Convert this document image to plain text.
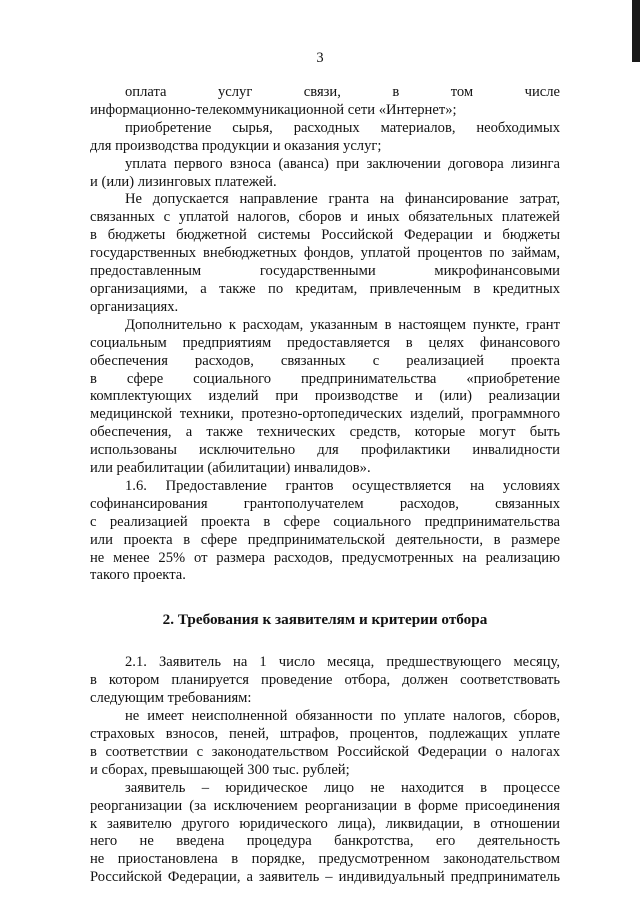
3

оплата услуг связи, в том числе
информационно-телекоммуникационной сети «Интернет»;

приобретение сырья, расходных материалов, необходимых
для производства продукции и оказания услуг;

уплата первого взноса (аванса) при заключении договора лизинга
и (или) лизинговых платежей.

Не допускается направление гранта на финансирование затрат,
связанных с уплатой налогов, сборов и иных обязательных платежей
в бюджеты бюджетной системы Российской Федерации и бюджеты
государственных внебюджетных фондов, уплатой процентов по займам,
предоставленным государственными микрофинансовыми
организациями, а также по кредитам, привлеченным в кредитных
организациях.

Дополнительно к расходам, указанным в настоящем пункте, грант
социальным предприятиям предоставляется в целях финансового
обеспечения расходов, связанных с реализацией проекта
в сфере социального предпринимательства «приобретение
комплектующих изделий при производстве и (или) реализации
медицинской техники, протезно-ортопедических изделий, программного
обеспечения, а также технических средств, которые могут быть
использованы исключительно для профилактики инвалидности
или реабилитации (абилитации) инвалидов».

1.6. Предоставление грантов осуществляется на условиях
софинансирования грантополучателем расходов, связанных
с реализацией проекта в сфере социального предпринимательства
или проекта в сфере предпринимательской деятельности, в размере
не менее 25% от размера расходов, предусмотренных на реализацию
такого проекта.

2. Требования к заявителям и критерии отбора

2.1. Заявитель на 1 число месяца, предшествующего месяцу,
в котором планируется проведение отбора, должен соответствовать
следующим требованиям:

не имеет неисполненной обязанности по уплате налогов, сборов,
страховых взносов, пеней, штрафов, процентов, подлежащих уплате
в соответствии с законодательством Российской Федерации о налогах
и сборах, превышающей 300 тыс. рублей;

заявитель – юридическое лицо не находится в процессе
реорганизации (за исключением реорганизации в форме присоединения
к заявителю другого юридического лица), ликвидации, в отношении
него не введена процедура банкротства, его деятельность
не приостановлена в порядке, предусмотренном законодательством
Российской Федерации, а заявитель – индивидуальный предприниматель
